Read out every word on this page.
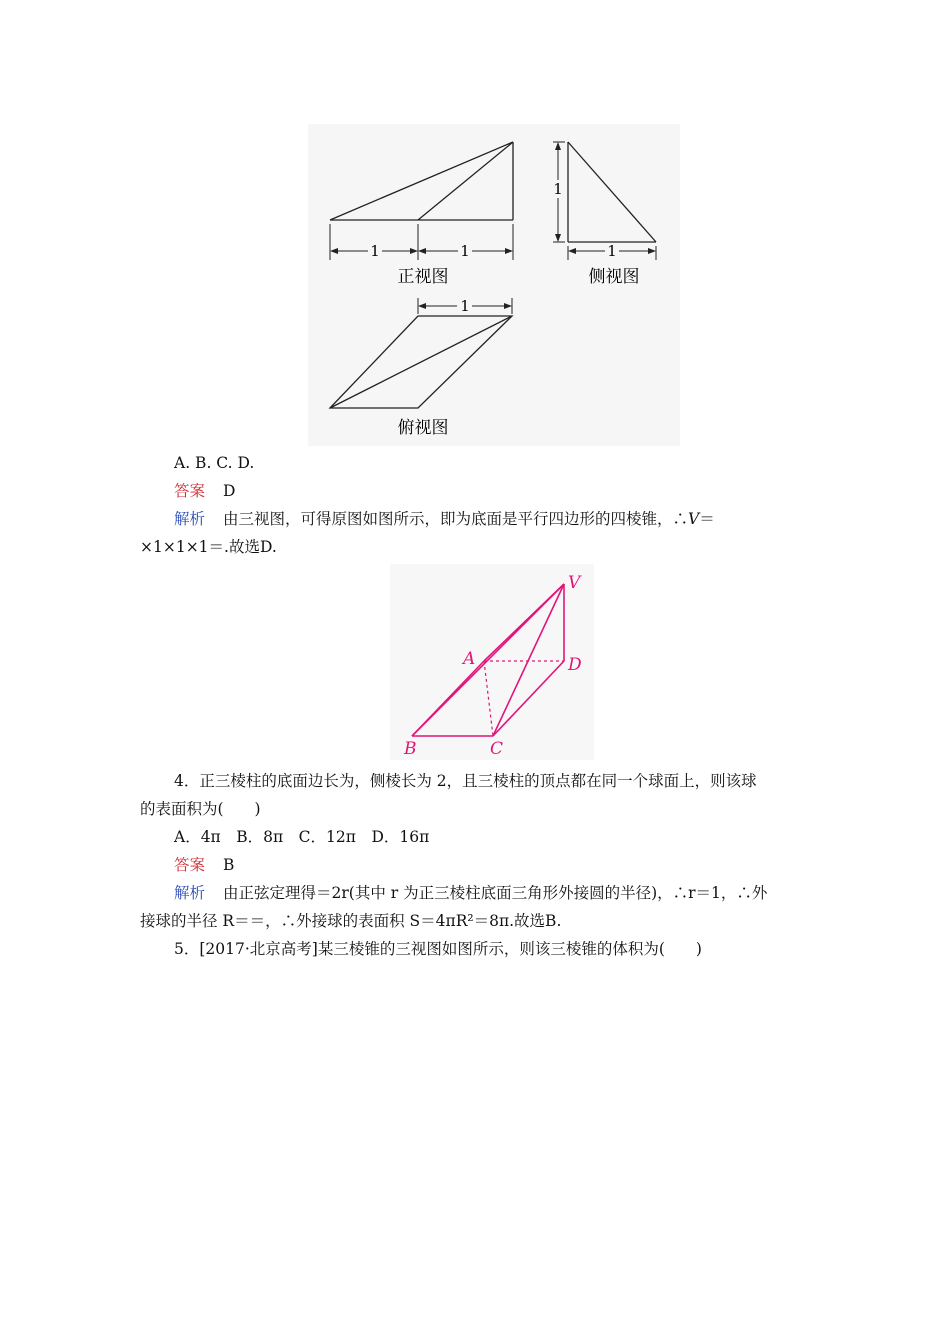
1	1
正视图
1
1
侧视图
1
俯视图
A. B. C. D.
答案 D
解析 由三视图，可得原图如图所示，即为底面是平行四边形的四棱锥，∴V＝
×1×1×1＝.故选D.
V
A	D
B	C
4．正三棱柱的底面边长为，侧棱长为 2，且三棱柱的顶点都在同一个球面上，则该球
的表面积为(　　)
A．4π　B．8π　C．12π　D．16π
答案 B
解析 由正弦定理得＝2r(其中 r 为正三棱柱底面三角形外接圆的半径)，∴r＝1，∴外
接球的半径 R＝＝，∴外接球的表面积 S＝4πR²＝8π.故选B.
5．[2017·北京高考]某三棱锥的三视图如图所示，则该三棱锥的体积为(　　)
